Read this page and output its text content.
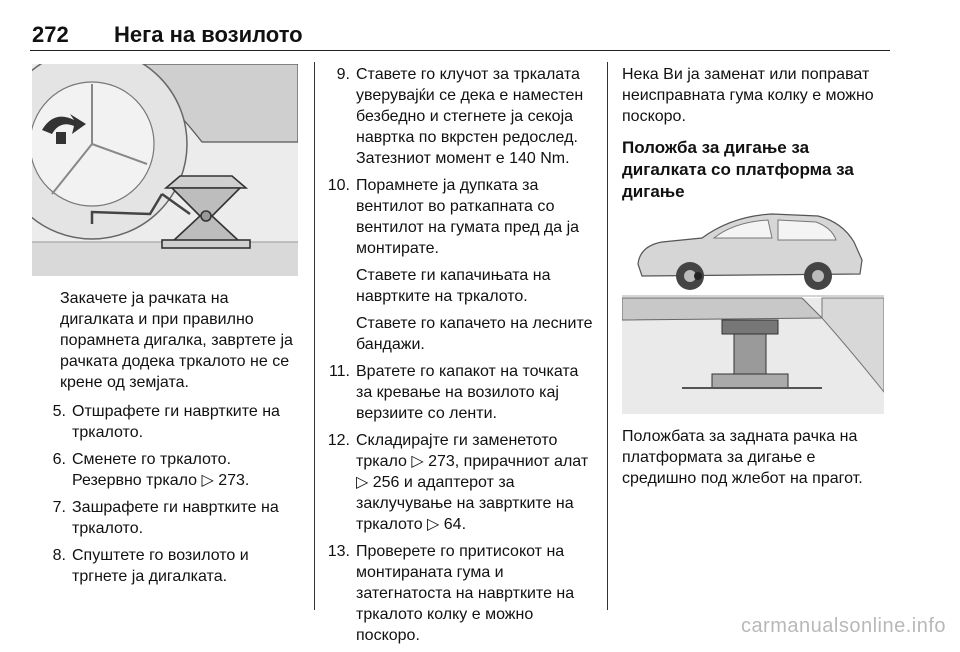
272 Нега на возилото

Закачете ја рачката на дигалката и при правилно порамнета дигалка, завртете ја рачката додека тркалото не се крене од земјата.

5. Отшрафете ги навртките на тркалото.
6. Сменете го тркалото. Резервно тркало ▷ 273.
7. Зашрафете ги навртките на тркалото.
8. Спуштете го возилото и тргнете ја дигалката.
9. Ставете го клучот за тркалата уверувајќи се дека е наместен безбедно и стегнете ја секоја навртка по вкрстен редослед. Затезниот момент е 140 Nm.
10. Порамнете ја дупката за вентилот во раткапната со вентилот на гумата пред да ја монтирате.
Ставете ги капачињата на навртките на тркалото.
Ставете го капачето на лесните бандажи.
11. Вратете го капакот на точката за кревање на возилото кај верзиите со ленти.
12. Складирајте ги заменетото тркало ▷ 273, прирачниот алат ▷ 256 и адаптерот за заклучување на завртките на тркалото ▷ 64.
13. Проверете го притисокот на монтираната гума и затегнатоста на навртките на тркалото колку е можно поскоро.

Нека Ви ја заменат или поправат неисправната гума колку е можно поскоро.

Положба за дигање за дигалката со платформа за дигање

Положбата за задната рачка на платформата за дигање е средишно под жлебот на прагот.

carmanualsonline.info
